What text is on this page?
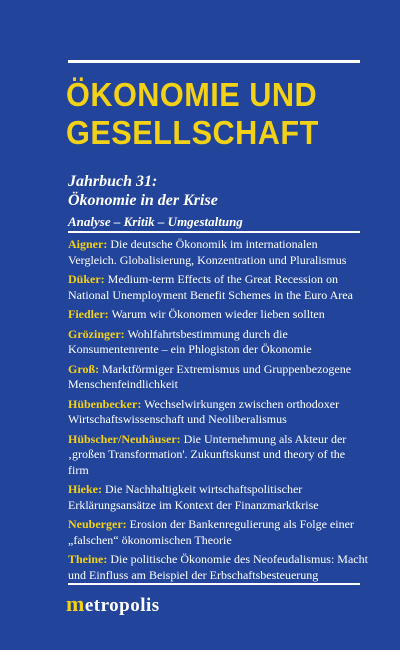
ÖKONOMIE UND
GESELLSCHAFT
Jahrbuch 31:
Ökonomie in der Krise
Analyse – Kritik – Umgestaltung
Aigner: Die deutsche Ökonomik im internationalen Vergleich. Globalisierung, Konzentration und Pluralismus
Düker: Medium-term Effects of the Great Recession on National Unemployment Benefit Schemes in the Euro Area
Fiedler: Warum wir Ökonomen wieder lieben sollten
Grözinger: Wohlfahrtsbestimmung durch die Konsumentenrente – ein Phlogiston der Ökonomie
Groß: Marktförmiger Extremismus und Gruppenbezogene Menschenfeindlichkeit
Hübenbecker: Wechselwirkungen zwischen orthodoxer Wirtschaftswissenschaft und Neoliberalismus
Hübscher/Neuhäuser: Die Unternehmung als Akteur der ‚großen Transformation'. Zukunftskunst und theory of the firm
Hieke: Die Nachhaltigkeit wirtschaftspolitischer Erklärungsansätze im Kontext der Finanzmarktkrise
Neuberger: Erosion der Bankenregulierung als Folge einer „falschen“ ökonomischen Theorie
Theine: Die politische Ökonomie des Neofeudalismus: Macht und Einfluss am Beispiel der Erbschaftsbesteuerung
metropolis
